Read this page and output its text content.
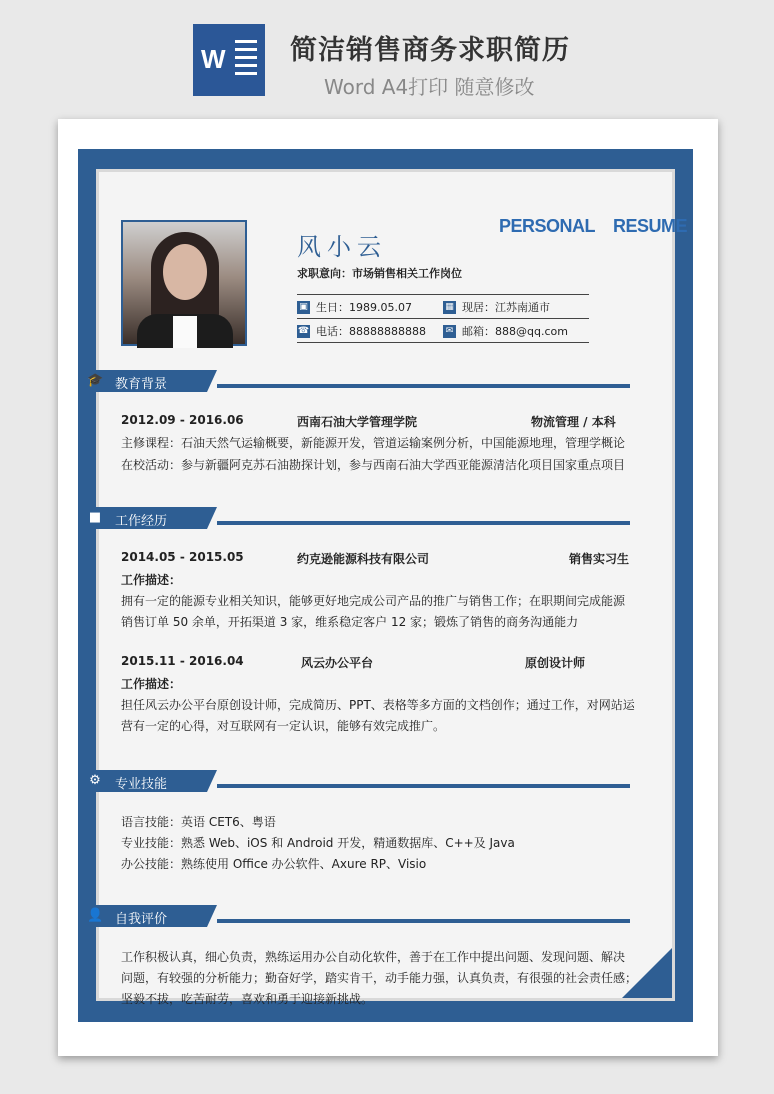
W 简洁销售商务求职简历
Word A4打印 随意修改
PERSONAL RESUME
风小云
求职意向：市场销售相关工作岗位
▣ 生日：1989.05.07	▦ 现居：江苏南通市
☎ 电话：88888888888	✉ 邮箱：888@qq.com
🎓 教育背景
2012.09 - 2016.06	西南石油大学管理学院	物流管理 / 本科
主修课程：石油天然气运输概要，新能源开发，管道运输案例分析，中国能源地理，管理学概论
在校活动：参与新疆阿克苏石油勘探计划，参与西南石油大学西亚能源清洁化项目国家重点项目
■ 工作经历
2014.05 - 2015.05	约克逊能源科技有限公司	销售实习生
工作描述：
拥有一定的能源专业相关知识，能够更好地完成公司产品的推广与销售工作；在职期间完成能源
销售订单 50 余单，开拓渠道 3 家，维系稳定客户 12 家；锻炼了销售的商务沟通能力
2015.11 - 2016.04	风云办公平台	原创设计师
工作描述：
担任风云办公平台原创设计师，完成简历、PPT、表格等多方面的文档创作；通过工作，对网站运
营有一定的心得，对互联网有一定认识，能够有效完成推广。
⚙ 专业技能
语言技能：英语 CET6、粤语
专业技能：熟悉 Web、iOS 和 Android 开发，精通数据库、C++及 Java
办公技能：熟练使用 Office 办公软件、Axure RP、Visio
👤 自我评价
工作积极认真，细心负责，熟练运用办公自动化软件，善于在工作中提出问题、发现问题、解决
问题，有较强的分析能力；勤奋好学，踏实肯干，动手能力强，认真负责，有很强的社会责任感；
坚毅不拔，吃苦耐劳，喜欢和勇于迎接新挑战。
